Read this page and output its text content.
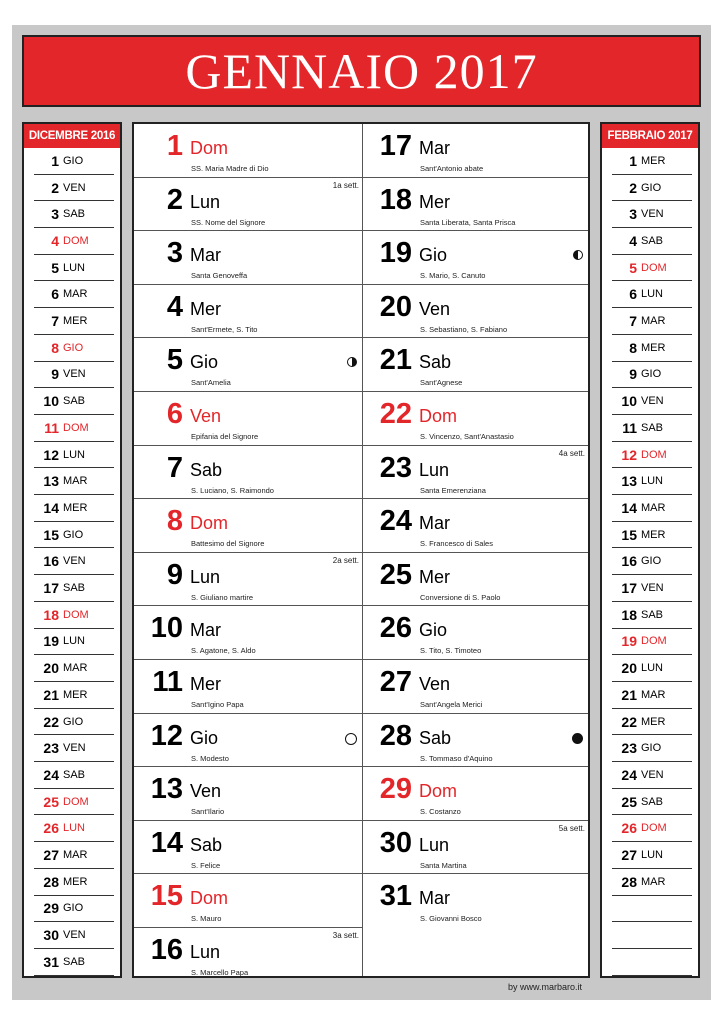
GENNAIO 2017
DICEMBRE 2016
1 GIO
2 VEN
3 SAB
4 DOM
5 LUN
6 MAR
7 MER
8 GIO
9 VEN
10 SAB
11 DOM
12 LUN
13 MAR
14 MER
15 GIO
16 VEN
17 SAB
18 DOM
19 LUN
20 MAR
21 MER
22 GIO
23 VEN
24 SAB
25 DOM
26 LUN
27 MAR
28 MER
29 GIO
30 VEN
31 SAB
1 Dom
SS. Maria Madre di Dio
2 Lun
SS. Nome del Signore
1a sett.
3 Mar
Santa Genoveffa
4 Mer
Sant'Ermete, S. Tito
5 Gio
Sant'Amelia
6 Ven
Epifania del Signore
7 Sab
S. Luciano, S. Raimondo
8 Dom
Battesimo del Signore
9 Lun
S. Giuliano martire
2a sett.
10 Mar
S. Agatone, S. Aldo
11 Mer
Sant'Igino Papa
12 Gio
S. Modesto
13 Ven
Sant'Ilario
14 Sab
S. Felice
15 Dom
S. Mauro
16 Lun
S. Marcello Papa
3a sett.
17 Mar
Sant'Antonio abate
18 Mer
Santa Liberata, Santa Prisca
19 Gio
S. Mario, S. Canuto
20 Ven
S. Sebastiano, S. Fabiano
21 Sab
Sant'Agnese
22 Dom
S. Vincenzo, Sant'Anastasio
23 Lun
Santa Emerenziana
4a sett.
24 Mar
S. Francesco di Sales
25 Mer
Conversione di S. Paolo
26 Gio
S. Tito, S. Timoteo
27 Ven
Sant'Angela Merici
28 Sab
S. Tommaso d'Aquino
29 Dom
S. Costanzo
30 Lun
Santa Martina
5a sett.
31 Mar
S. Giovanni Bosco
FEBBRAIO 2017
1 MER
2 GIO
3 VEN
4 SAB
5 DOM
6 LUN
7 MAR
8 MER
9 GIO
10 VEN
11 SAB
12 DOM
13 LUN
14 MAR
15 MER
16 GIO
17 VEN
18 SAB
19 DOM
20 LUN
21 MAR
22 MER
23 GIO
24 VEN
25 SAB
26 DOM
27 LUN
28 MAR
by www.marbaro.it
